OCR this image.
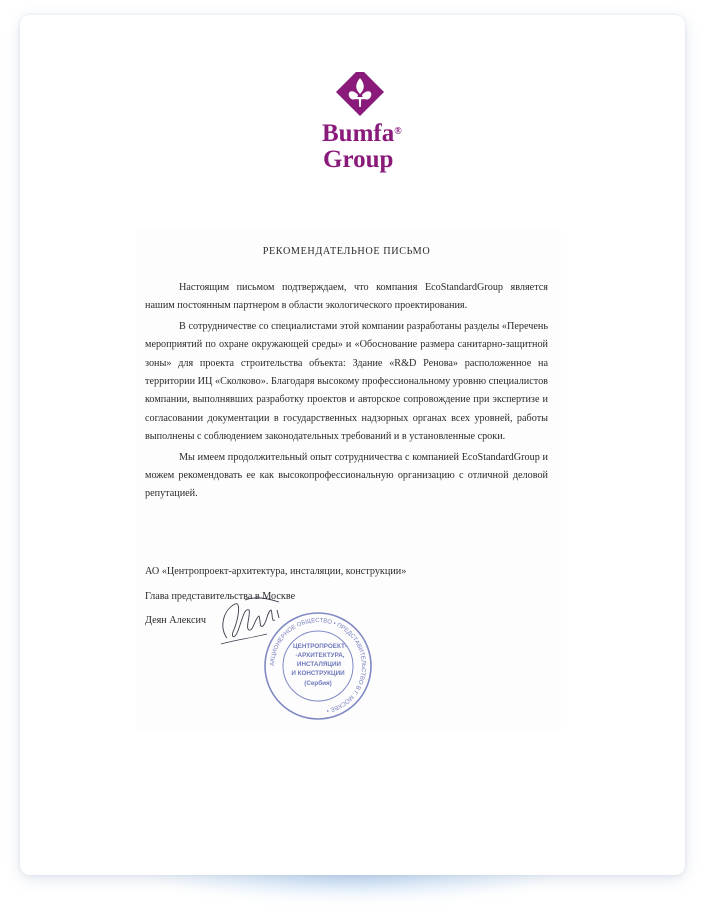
Bumfa®
Group
РЕКОМЕНДАТЕЛЬНОЕ ПИСЬМО

Настоящим письмом подтверждаем, что компания EcoStandardGroup является нашим постоянным партнером в области экологического проектирования.

В сотрудничестве со специалистами этой компании разработаны разделы «Перечень мероприятий по охране окружающей среды» и «Обоснование размера санитарно-защитной зоны» для проекта строительства объекта: Здание «R&D Ренова» расположенное на территории ИЦ «Сколково». Благодаря высокому профессиональному уровню специалистов компании, выполнявших разработку проектов и авторское сопровождение при экспертизе и согласовании документации в государственных надзорных органах всех уровней, работы выполнены с соблюдением законодательных требований и в установленные сроки.

Мы имеем продолжительный опыт сотрудничества с компанией EcoStandardGroup и можем рекомендовать ее как высокопрофессиональную организацию с отличной деловой репутацией.

АО «Центропроект-архитектура, инсталяции, конструкции»
Глава представительства в Москве
Деян Алексич
АКЦИОНЕРНОЕ ОБЩЕСТВО • ПРЕДСТАВИТЕЛЬСТВО В Г. МОСКВЕ •
ЦЕНТРОПРОЕКТ-
-АРХИТЕКТУРА,
ИНСТАЛЯЦИИ
И КОНСТРУКЦИИ
(Сербия)
